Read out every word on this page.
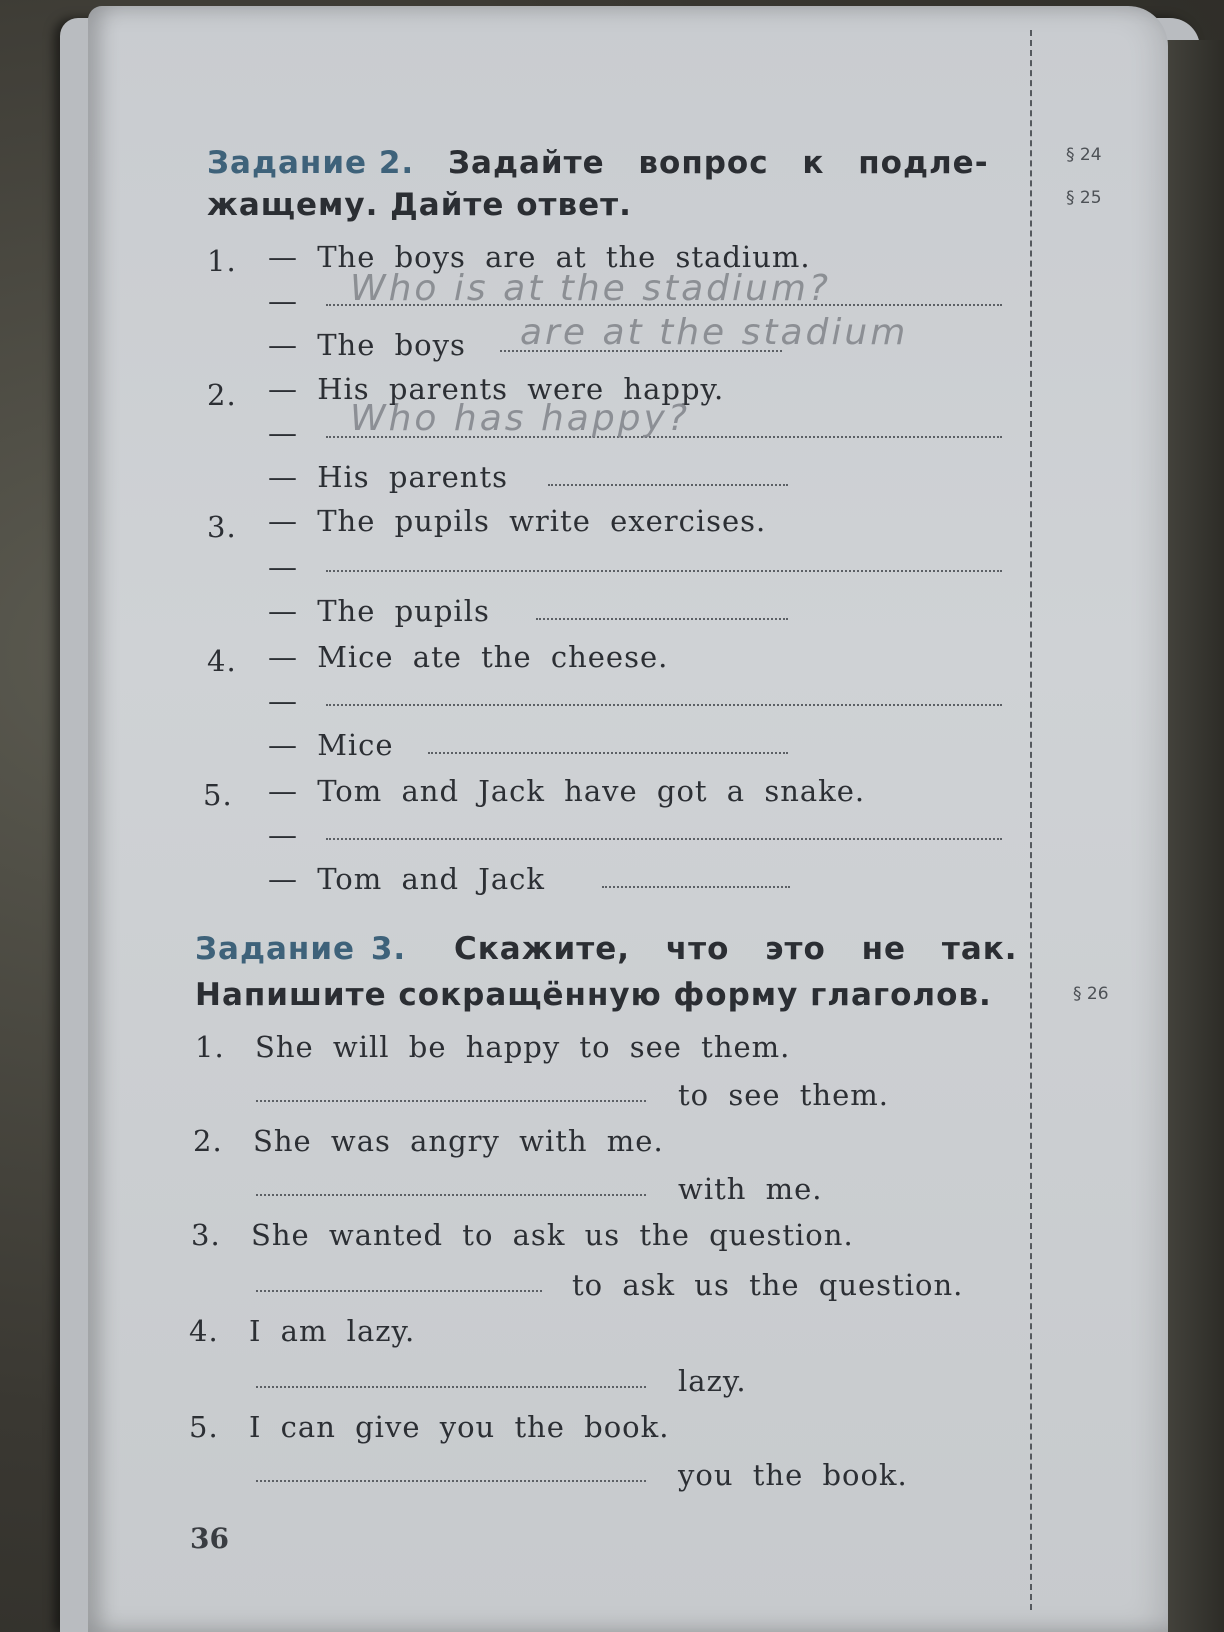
Задание 2. Задайте вопрос к подле-
жащему. Дайте ответ.
§ 24
§ 25
1. — The boys are at the stadium.
— Who is at the stadium?
— The boys are at the stadium
2. — His parents were happy.
— Who has happy?
— His parents
3. — The pupils write exercises.
—
— The pupils
4. — Mice ate the cheese.
—
— Mice
5. — Tom and Jack have got a snake.
—
— Tom and Jack
Задание 3. Скажите, что это не так.
Напишите сокращённую форму глаголов.	§ 26
1. She will be happy to see them.
to see them.
2. She was angry with me.
with me.
3. She wanted to ask us the question.
to ask us the question.
4. I am lazy.
lazy.
5. I can give you the book.
you the book.
36
